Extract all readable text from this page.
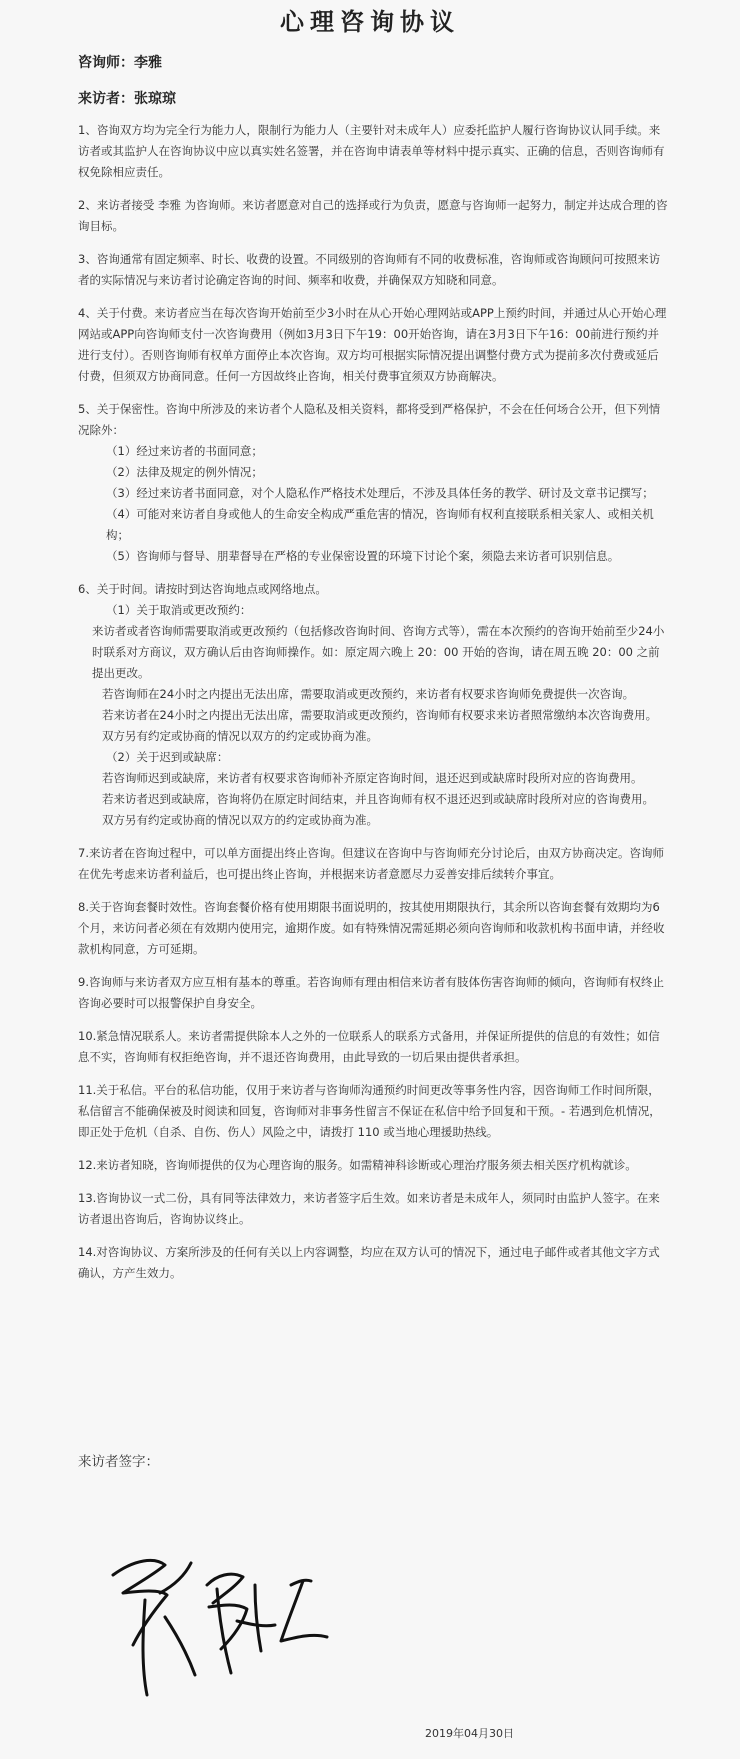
心理咨询协议
咨询师：李雅
来访者：张琼琼

1、咨询双方均为完全行为能力人，限制行为能力人（主要针对未成年人）应委托监护人履行咨询协议认同手续。来访者或其监护人在咨询协议中应以真实姓名签署，并在咨询申请表单等材料中提示真实、正确的信息，否则咨询师有权免除相应责任。

2、来访者接受 李雅 为咨询师。来访者愿意对自己的选择或行为负责，愿意与咨询师一起努力，制定并达成合理的咨询目标。

3、咨询通常有固定频率、时长、收费的设置。不同级别的咨询师有不同的收费标准，咨询师或咨询顾问可按照来访者的实际情况与来访者讨论确定咨询的时间、频率和收费，并确保双方知晓和同意。

4、关于付费。来访者应当在每次咨询开始前至少3小时在从心开始心理网站或APP上预约时间，并通过从心开始心理网站或APP向咨询师支付一次咨询费用（例如3月3日下午19：00开始咨询，请在3月3日下午16：00前进行预约并进行支付）。否则咨询师有权单方面停止本次咨询。双方均可根据实际情况提出调整付费方式为提前多次付费或延后付费，但须双方协商同意。任何一方因故终止咨询，相关付费事宜须双方协商解决。

5、关于保密性。咨询中所涉及的来访者个人隐私及相关资料，都将受到严格保护，不会在任何场合公开，但下列情况除外：

（1）经过来访者的书面同意；

（2）法律及规定的例外情况；

（3）经过来访者书面同意，对个人隐私作严格技术处理后，不涉及具体任务的教学、研讨及文章书记撰写；

（4）可能对来访者自身或他人的生命安全构成严重危害的情况，咨询师有权利直接联系相关家人、或相关机构；

（5）咨询师与督导、朋辈督导在严格的专业保密设置的环境下讨论个案，须隐去来访者可识别信息。

6、关于时间。请按时到达咨询地点或网络地点。

（1）关于取消或更改预约：

来访者或者咨询师需要取消或更改预约（包括修改咨询时间、咨询方式等），需在本次预约的咨询开始前至少24小时联系对方商议，双方确认后由咨询师操作。如：原定周六晚上 20：00 开始的咨询，请在周五晚 20：00 之前提出更改。

若咨询师在24小时之内提出无法出席，需要取消或更改预约，来访者有权要求咨询师免费提供一次咨询。

若来访者在24小时之内提出无法出席，需要取消或更改预约，咨询师有权要求来访者照常缴纳本次咨询费用。

双方另有约定或协商的情况以双方的约定或协商为准。

（2）关于迟到或缺席：

若咨询师迟到或缺席，来访者有权要求咨询师补齐原定咨询时间，退还迟到或缺席时段所对应的咨询费用。

若来访者迟到或缺席，咨询将仍在原定时间结束，并且咨询师有权不退还迟到或缺席时段所对应的咨询费用。

双方另有约定或协商的情况以双方的约定或协商为准。

7.来访者在咨询过程中，可以单方面提出终止咨询。但建议在咨询中与咨询师充分讨论后，由双方协商决定。咨询师在优先考虑来访者利益后，也可提出终止咨询，并根据来访者意愿尽力妥善安排后续转介事宜。

8.关于咨询套餐时效性。咨询套餐价格有使用期限书面说明的，按其使用期限执行，其余所以咨询套餐有效期均为6个月，来访问者必须在有效期内使用完，逾期作废。如有特殊情况需延期必须向咨询师和收款机构书面申请，并经收款机构同意，方可延期。

9.咨询师与来访者双方应互相有基本的尊重。若咨询师有理由相信来访者有肢体伤害咨询师的倾向，咨询师有权终止咨询必要时可以报警保护自身安全。

10.紧急情况联系人。来访者需提供除本人之外的一位联系人的联系方式备用，并保证所提供的信息的有效性；如信息不实，咨询师有权拒绝咨询，并不退还咨询费用，由此导致的一切后果由提供者承担。

11.关于私信。平台的私信功能，仅用于来访者与咨询师沟通预约时间更改等事务性内容，因咨询师工作时间所限，私信留言不能确保被及时阅读和回复，咨询师对非事务性留言不保证在私信中给予回复和干预。- 若遇到危机情况，即正处于危机（自杀、自伤、伤人）风险之中，请拨打 110 或当地心理援助热线。

12.来访者知晓，咨询师提供的仅为心理咨询的服务。如需精神科诊断或心理治疗服务须去相关医疗机构就诊。

13.咨询协议一式二份，具有同等法律效力，来访者签字后生效。如来访者是未成年人，须同时由监护人签字。在来访者退出咨询后，咨询协议终止。

14.对咨询协议、方案所涉及的任何有关以上内容调整，均应在双方认可的情况下，通过电子邮件或者其他文字方式确认，方产生效力。

来访者签字：
2019年04月30日
